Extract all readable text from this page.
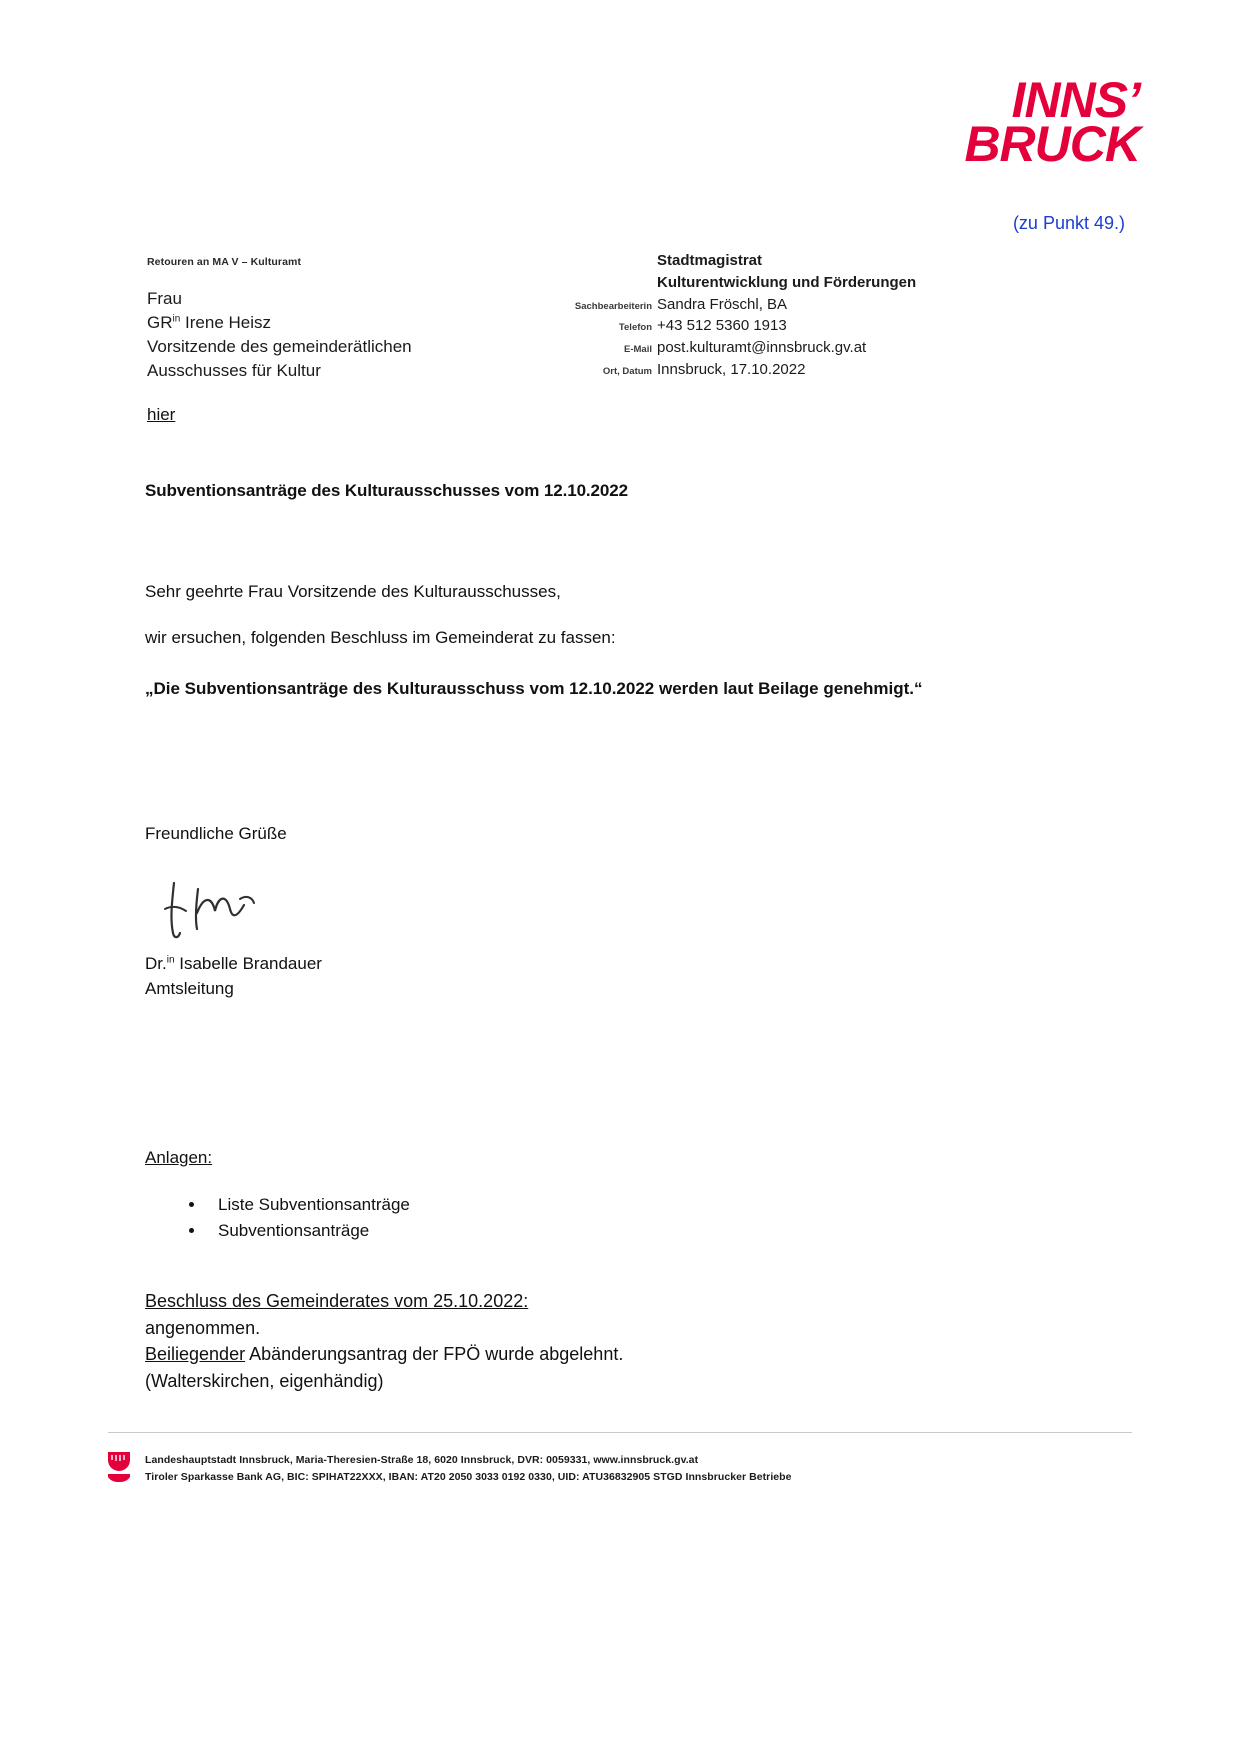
INNS’
BRUCK
(zu Punkt 49.)
Retouren an MA V – Kulturamt
Frau
$GR^{in}$ Irene Heisz
Vorsitzende des gemeinderätlichen
Ausschusses für Kultur
Stadtmagistrat
Kulturentwicklung und Förderungen
Sachbearbeiterin Sandra Fröschl, BA
Telefon +43 512 5360 1913
E-Mail post.kulturamt@innsbruck.gv.at
Ort, Datum Innsbruck, 17.10.2022
hier
Subventionsanträge des Kulturausschusses vom 12.10.2022
Sehr geehrte Frau Vorsitzende des Kulturausschusses,
wir ersuchen, folgenden Beschluss im Gemeinderat zu fassen:
„Die Subventionsanträge des Kulturausschuss vom 12.10.2022 werden laut Beilage genehmigt.“
Freundliche Grüße
Dr.$^{in}$ Isabelle Brandauer
Amtsleitung
Anlagen:
• Liste Subventionsanträge
• Subventionsanträge
Beschluss des Gemeinderates vom 25.10.2022:
angenommen.
Beiliegender Abänderungsantrag der FPÖ wurde abgelehnt.
(Walterskirchen, eigenhändig)
Landeshauptstadt Innsbruck, Maria-Theresien-Straße 18, 6020 Innsbruck, DVR: 0059331, www.innsbruck.gv.at
Tiroler Sparkasse Bank AG, BIC: SPIHAT22XXX, IBAN: AT20 2050 3033 0192 0330, UID: ATU36832905 STGD Innsbrucker Betriebe
